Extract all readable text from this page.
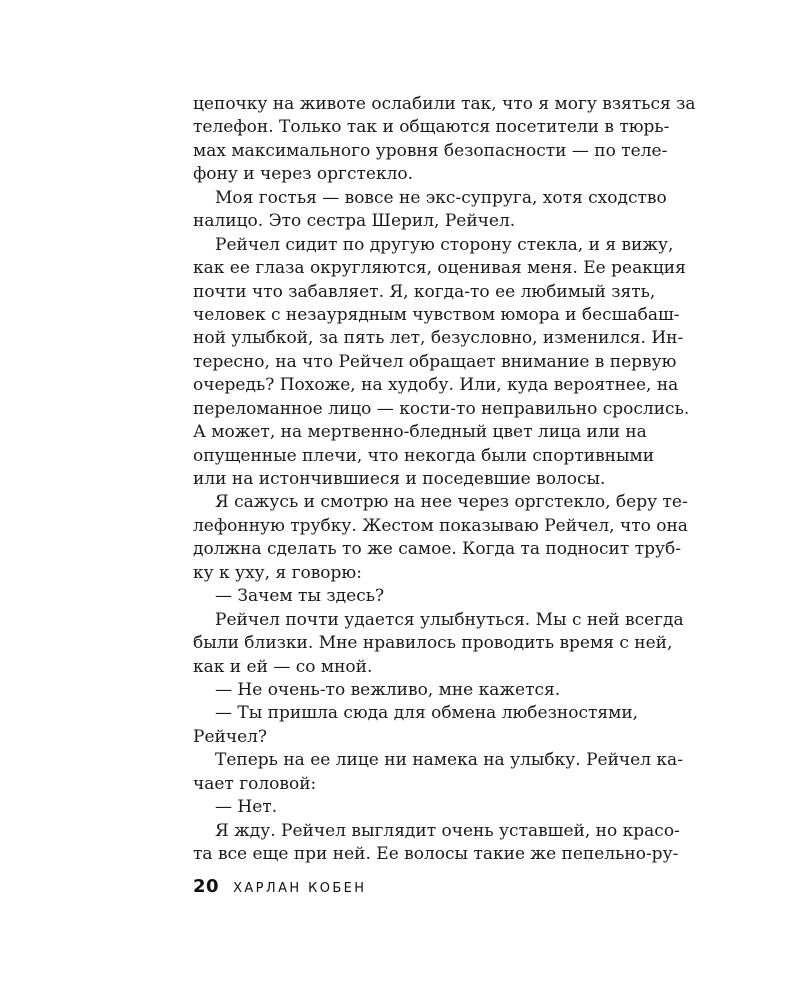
цепочку на животе ослабили так, что я могу взяться за
телефон. Только так и общаются посетители в тюрь-
мах максимального уровня безопасности — по теле-
фону и через оргстекло.
Моя гостья — вовсе не экс-супруга, хотя сходство
налицо. Это сестра Шерил, Рейчел.
Рейчел сидит по другую сторону стекла, и я вижу,
как ее глаза округляются, оценивая меня. Ее реакция
почти что забавляет. Я, когда-то ее любимый зять,
человек с незаурядным чувством юмора и бесшабаш-
ной улыбкой, за пять лет, безусловно, изменился. Ин-
тересно, на что Рейчел обращает внимание в первую
очередь? Похоже, на худобу. Или, куда вероятнее, на
переломанное лицо — кости-то неправильно срослись.
А может, на мертвенно-бледный цвет лица или на
опущенные плечи, что некогда были спортивными
или на истончившиеся и поседевшие волосы.
Я сажусь и смотрю на нее через оргстекло, беру те-
лефонную трубку. Жестом показываю Рейчел, что она
должна сделать то же самое. Когда та подносит труб-
ку к уху, я говорю:
— Зачем ты здесь?
Рейчел почти удается улыбнуться. Мы с ней всегда
были близки. Мне нравилось проводить время с ней,
как и ей — со мной.
— Не очень-то вежливо, мне кажется.
— Ты пришла сюда для обмена любезностями,
Рейчел?
Теперь на ее лице ни намека на улыбку. Рейчел ка-
чает головой:
— Нет.
Я жду. Рейчел выглядит очень уставшей, но красо-
та все еще при ней. Ее волосы такие же пепельно-ру-
20 ХАРЛАН КОБЕН
